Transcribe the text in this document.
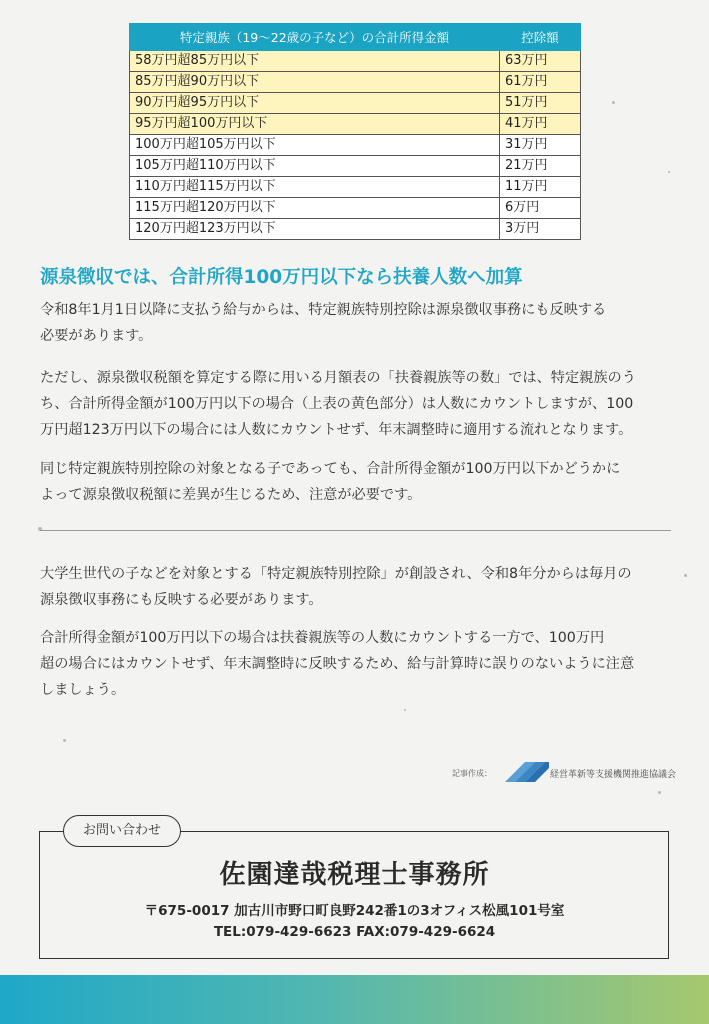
特定親族（19～22歳の子など）の合計所得金額	控除額
58万円超85万円以下	63万円
85万円超90万円以下	61万円
90万円超95万円以下	51万円
95万円超100万円以下	41万円
100万円超105万円以下	31万円
105万円超110万円以下	21万円
110万円超115万円以下	11万円
115万円超120万円以下	6万円
120万円超123万円以下	3万円
源泉徴収では、合計所得100万円以下なら扶養人数へ加算

令和8年1月1日以降に支払う給与からは、特定親族特別控除は源泉徴収事務にも反映する
必要があります。

ただし、源泉徴収税額を算定する際に用いる月額表の「扶養親族等の数」では、特定親族のう
ち、合計所得金額が100万円以下の場合（上表の黄色部分）は人数にカウントしますが、100
万円超123万円以下の場合には人数にカウントせず、年末調整時に適用する流れとなります。

同じ特定親族特別控除の対象となる子であっても、合計所得金額が100万円以下かどうかに
よって源泉徴収税額に差異が生じるため、注意が必要です。

大学生世代の子などを対象とする「特定親族特別控除」が創設され、令和8年分からは毎月の
源泉徴収事務にも反映する必要があります。

合計所得金額が100万円以下の場合は扶養親族等の人数にカウントする一方で、100万円
超の場合にはカウントせず、年末調整時に反映するため、給与計算時に誤りのないように注意
しましょう。

記事作成：	経営革新等支援機関推進協議会
お問い合わせ
佐園達哉税理士事務所
〒675-0017 加古川市野口町良野242番1の3オフィス松風101号室
TEL:079-429-6623 FAX:079-429-6624
